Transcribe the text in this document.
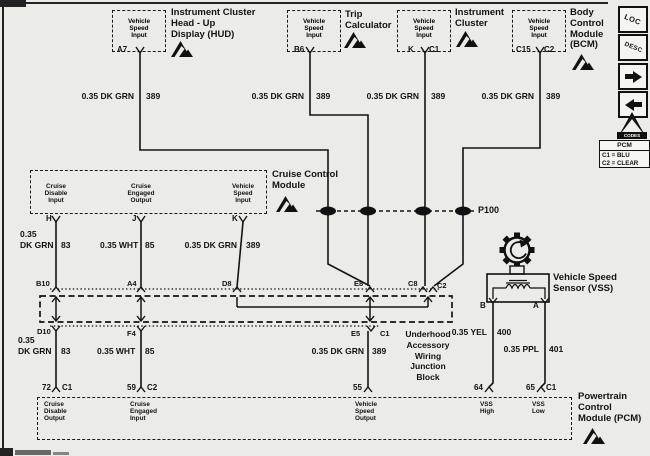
Vehicle
Speed
Input
Vehicle
Speed
Input
Vehicle
Speed
Input
Vehicle
Speed
Input
Instrument Cluster
Head - Up
Display (HUD)
Trip
Calculator
Instrument
Cluster
Body
Control
Module
(BCM)
A7	B6	K C1	C15 C2
0.35 DK GRN 389	0.35 DK GRN 389	0.35 DK GRN 389	0.35 DK GRN 389
Cruise
Disable
Input
Cruise
Engaged
Output
Vehicle
Speed
Input
Cruise Control
Module
H	J	K
0.35
DK GRN 83	0.35 WHT 85	0.35 DK GRN 389
P100
B10	A4	D8	E8	C8	C2
D10	F4	E5	C1	Underhood
Accessory
Wiring
Junction
Block
0.35
DK GRN 83	0.35 WHT 85	0.35 DK GRN 389
Vehicle Speed
Sensor (VSS)
B	A
0.35 YEL 400
0.35 PPL 401
72 C1	59 C2	55	64	65 C1
Cruise
Disable
Output
Cruise
Engaged
Input
Vehicle
Speed
Output
VSS
High
VSS
Low
Powertrain
Control
Module (PCM)
LOC
DESC
CODES
PCM
C1 = BLU
C2 = CLEAR
